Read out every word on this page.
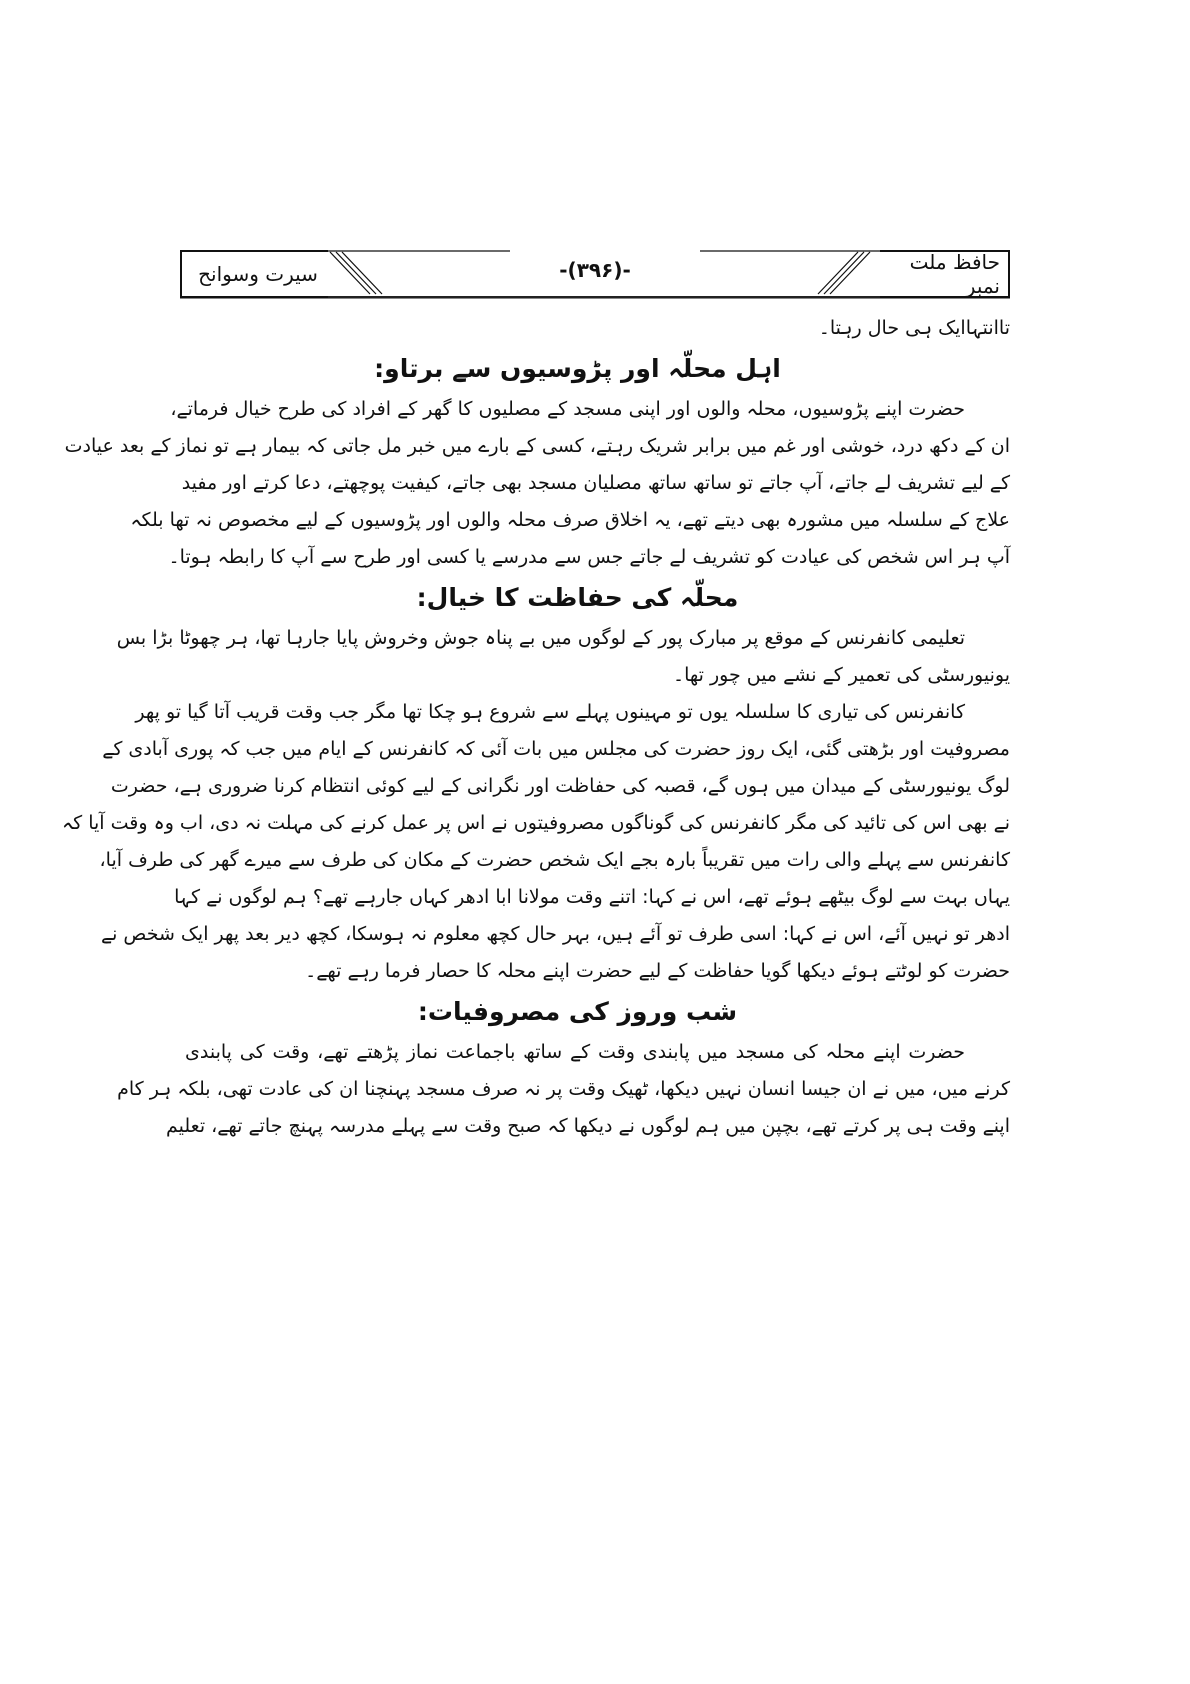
حافظ ملت نمبر
سیرت وسوانح	-(۳۹۶)-
تاانتہاایک ہی حال رہتا۔
اہل محلّہ اور پڑوسیوں سے برتاو:
حضرت اپنے پڑوسیوں، محلہ والوں اور اپنی مسجد کے مصلیوں کا گھر کے افراد کی طرح خیال فرماتے،
ان کے دکھ درد، خوشی اور غم میں برابر شریک رہتے، کسی کے بارے میں خبر مل جاتی کہ بیمار ہے تو نماز کے بعد عیادت
کے لیے تشریف لے جاتے، آپ جاتے تو ساتھ ساتھ مصلیان مسجد بھی جاتے، کیفیت پوچھتے، دعا کرتے اور مفید
علاج کے سلسلہ میں مشورہ بھی دیتے تھے، یہ اخلاق صرف محلہ والوں اور پڑوسیوں کے لیے مخصوص نہ تھا بلکہ
آپ ہر اس شخص کی عیادت کو تشریف لے جاتے جس سے مدرسے یا کسی اور طرح سے آپ کا رابطہ ہوتا۔
محلّہ کی حفاظت کا خیال:
تعلیمی کانفرنس کے موقع پر مبارک پور کے لوگوں میں بے پناہ جوش وخروش پایا جارہا تھا، ہر چھوٹا بڑا بس
یونیورسٹی کی تعمیر کے نشے میں چور تھا۔
کانفرنس کی تیاری کا سلسلہ یوں تو مہینوں پہلے سے شروع ہو چکا تھا مگر جب وقت قریب آتا گیا تو پھر
مصروفیت اور بڑھتی گئی، ایک روز حضرت کی مجلس میں بات آئی کہ کانفرنس کے ایام میں جب کہ پوری آبادی کے
لوگ یونیورسٹی کے میدان میں ہوں گے، قصبہ کی حفاظت اور نگرانی کے لیے کوئی انتظام کرنا ضروری ہے، حضرت
نے بھی اس کی تائید کی مگر کانفرنس کی گوناگوں مصروفیتوں نے اس پر عمل کرنے کی مہلت نہ دی، اب وہ وقت آیا کہ
کانفرنس سے پہلے والی رات میں تقریباً بارہ بجے ایک شخص حضرت کے مکان کی طرف سے میرے گھر کی طرف آیا،
یہاں بہت سے لوگ بیٹھے ہوئے تھے، اس نے کہا: اتنے وقت مولانا ابا ادھر کہاں جارہے تھے؟ ہم لوگوں نے کہا
ادھر تو نہیں آئے، اس نے کہا: اسی طرف تو آئے ہیں، بہر حال کچھ معلوم نہ ہوسکا، کچھ دیر بعد پھر ایک شخص نے
حضرت کو لوٹتے ہوئے دیکھا گویا حفاظت کے لیے حضرت اپنے محلہ کا حصار فرما رہے تھے۔
شب وروز کی مصروفیات:
حضرت اپنے محلہ کی مسجد میں پابندی وقت کے ساتھ باجماعت نماز پڑھتے تھے، وقت کی پابندی
کرنے میں، میں نے ان جیسا انسان نہیں دیکھا، ٹھیک وقت پر نہ صرف مسجد پہنچنا ان کی عادت تھی، بلکہ ہر کام
اپنے وقت ہی پر کرتے تھے، بچپن میں ہم لوگوں نے دیکھا کہ صبح وقت سے پہلے مدرسہ پہنچ جاتے تھے، تعلیم
